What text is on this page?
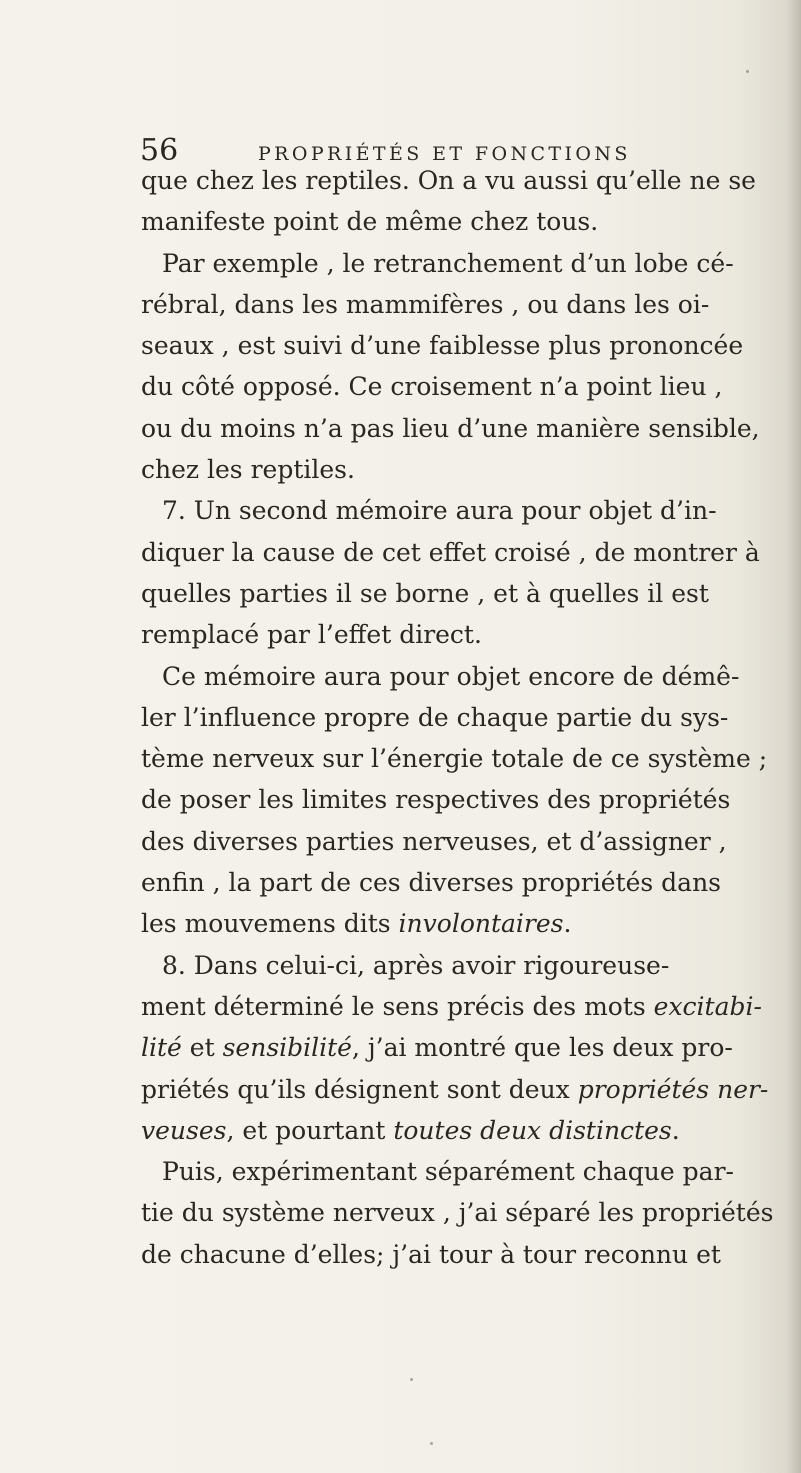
56	PROPRIÉTÉS ET FONCTIONS
que chez les reptiles. On a vu aussi qu’elle ne se
manifeste point de même chez tous.
Par exemple , le retranchement d’un lobe cé-
rébral, dans les mammifères , ou dans les oi-
seaux , est suivi d’une faiblesse plus prononcée
du côté opposé. Ce croisement n’a point lieu ,
ou du moins n’a pas lieu d’une manière sensible,
chez les reptiles.
7. Un second mémoire aura pour objet d’in-
diquer la cause de cet effet croisé , de montrer à
quelles parties il se borne , et à quelles il est
remplacé par l’effet direct.
Ce mémoire aura pour objet encore de démê-
ler l’influence propre de chaque partie du sys-
tème nerveux sur l’énergie totale de ce système ;
de poser les limites respectives des propriétés
des diverses parties nerveuses, et d’assigner ,
enfin , la part de ces diverses propriétés dans
les mouvemens dits involontaires.
8. Dans celui-ci, après avoir rigoureuse-
ment déterminé le sens précis des mots excitabi-
lité et sensibilité, j’ai montré que les deux pro-
priétés qu’ils désignent sont deux propriétés ner-
veuses, et pourtant toutes deux distinctes.
Puis, expérimentant séparément chaque par-
tie du système nerveux , j’ai séparé les propriétés
de chacune d’elles; j’ai tour à tour reconnu et
